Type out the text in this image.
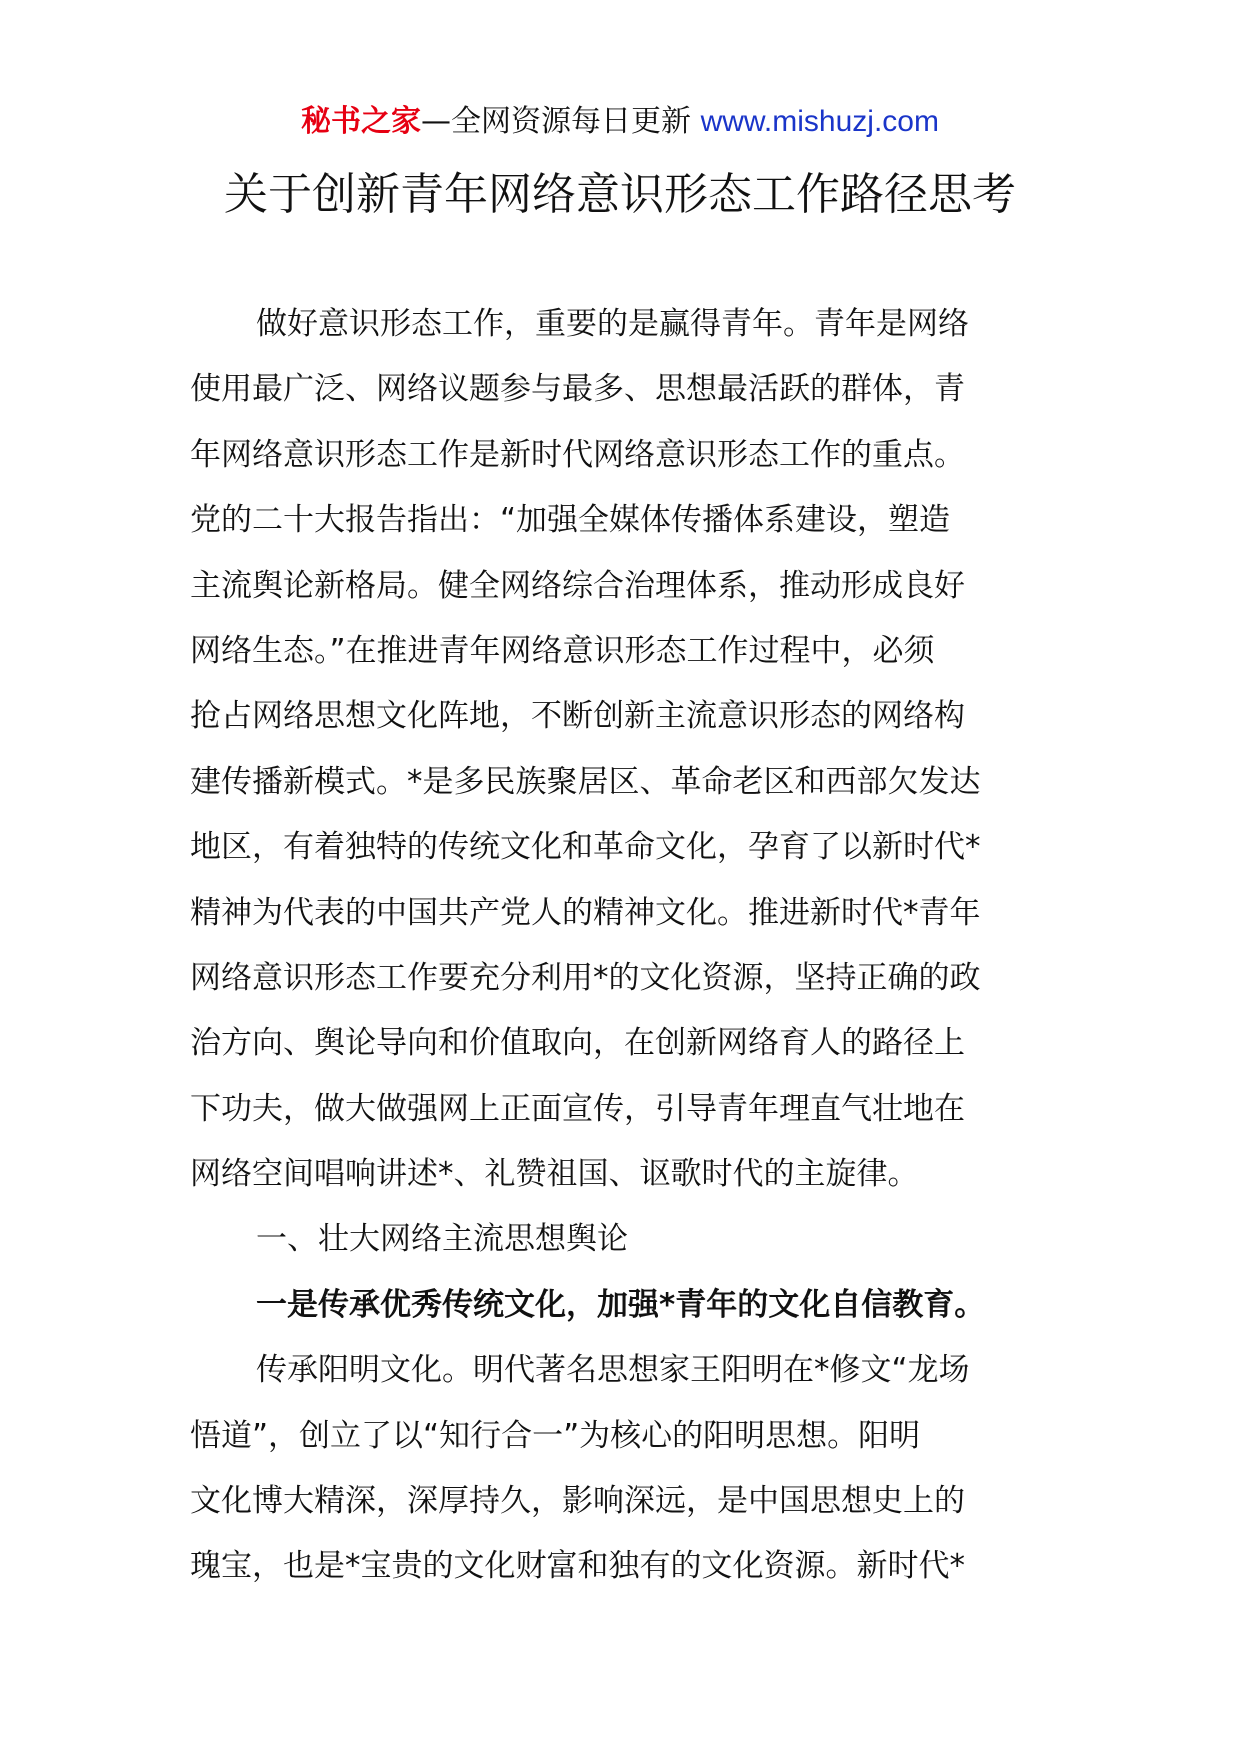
秘书之家—全网资源每日更新 www.mishuzj.com
关于创新青年网络意识形态工作路径思考
做好意识形态工作，重要的是赢得青年。青年是网络
使用最广泛、网络议题参与最多、思想最活跃的群体，青
年网络意识形态工作是新时代网络意识形态工作的重点。
党的二十大报告指出：“加强全媒体传播体系建设，塑造
主流舆论新格局。健全网络综合治理体系，推动形成良好
网络生态。”在推进青年网络意识形态工作过程中，必须
抢占网络思想文化阵地，不断创新主流意识形态的网络构
建传播新模式。*是多民族聚居区、革命老区和西部欠发达
地区，有着独特的传统文化和革命文化，孕育了以新时代*
精神为代表的中国共产党人的精神文化。推进新时代*青年
网络意识形态工作要充分利用*的文化资源，坚持正确的政
治方向、舆论导向和价值取向，在创新网络育人的路径上
下功夫，做大做强网上正面宣传，引导青年理直气壮地在
网络空间唱响讲述*、礼赞祖国、讴歌时代的主旋律。
一、壮大网络主流思想舆论
一是传承优秀传统文化，加强*青年的文化自信教育。
传承阳明文化。明代著名思想家王阳明在*修文“龙场
悟道”，创立了以“知行合一”为核心的阳明思想。阳明
文化博大精深，深厚持久，影响深远，是中国思想史上的
瑰宝，也是*宝贵的文化财富和独有的文化资源。新时代*
